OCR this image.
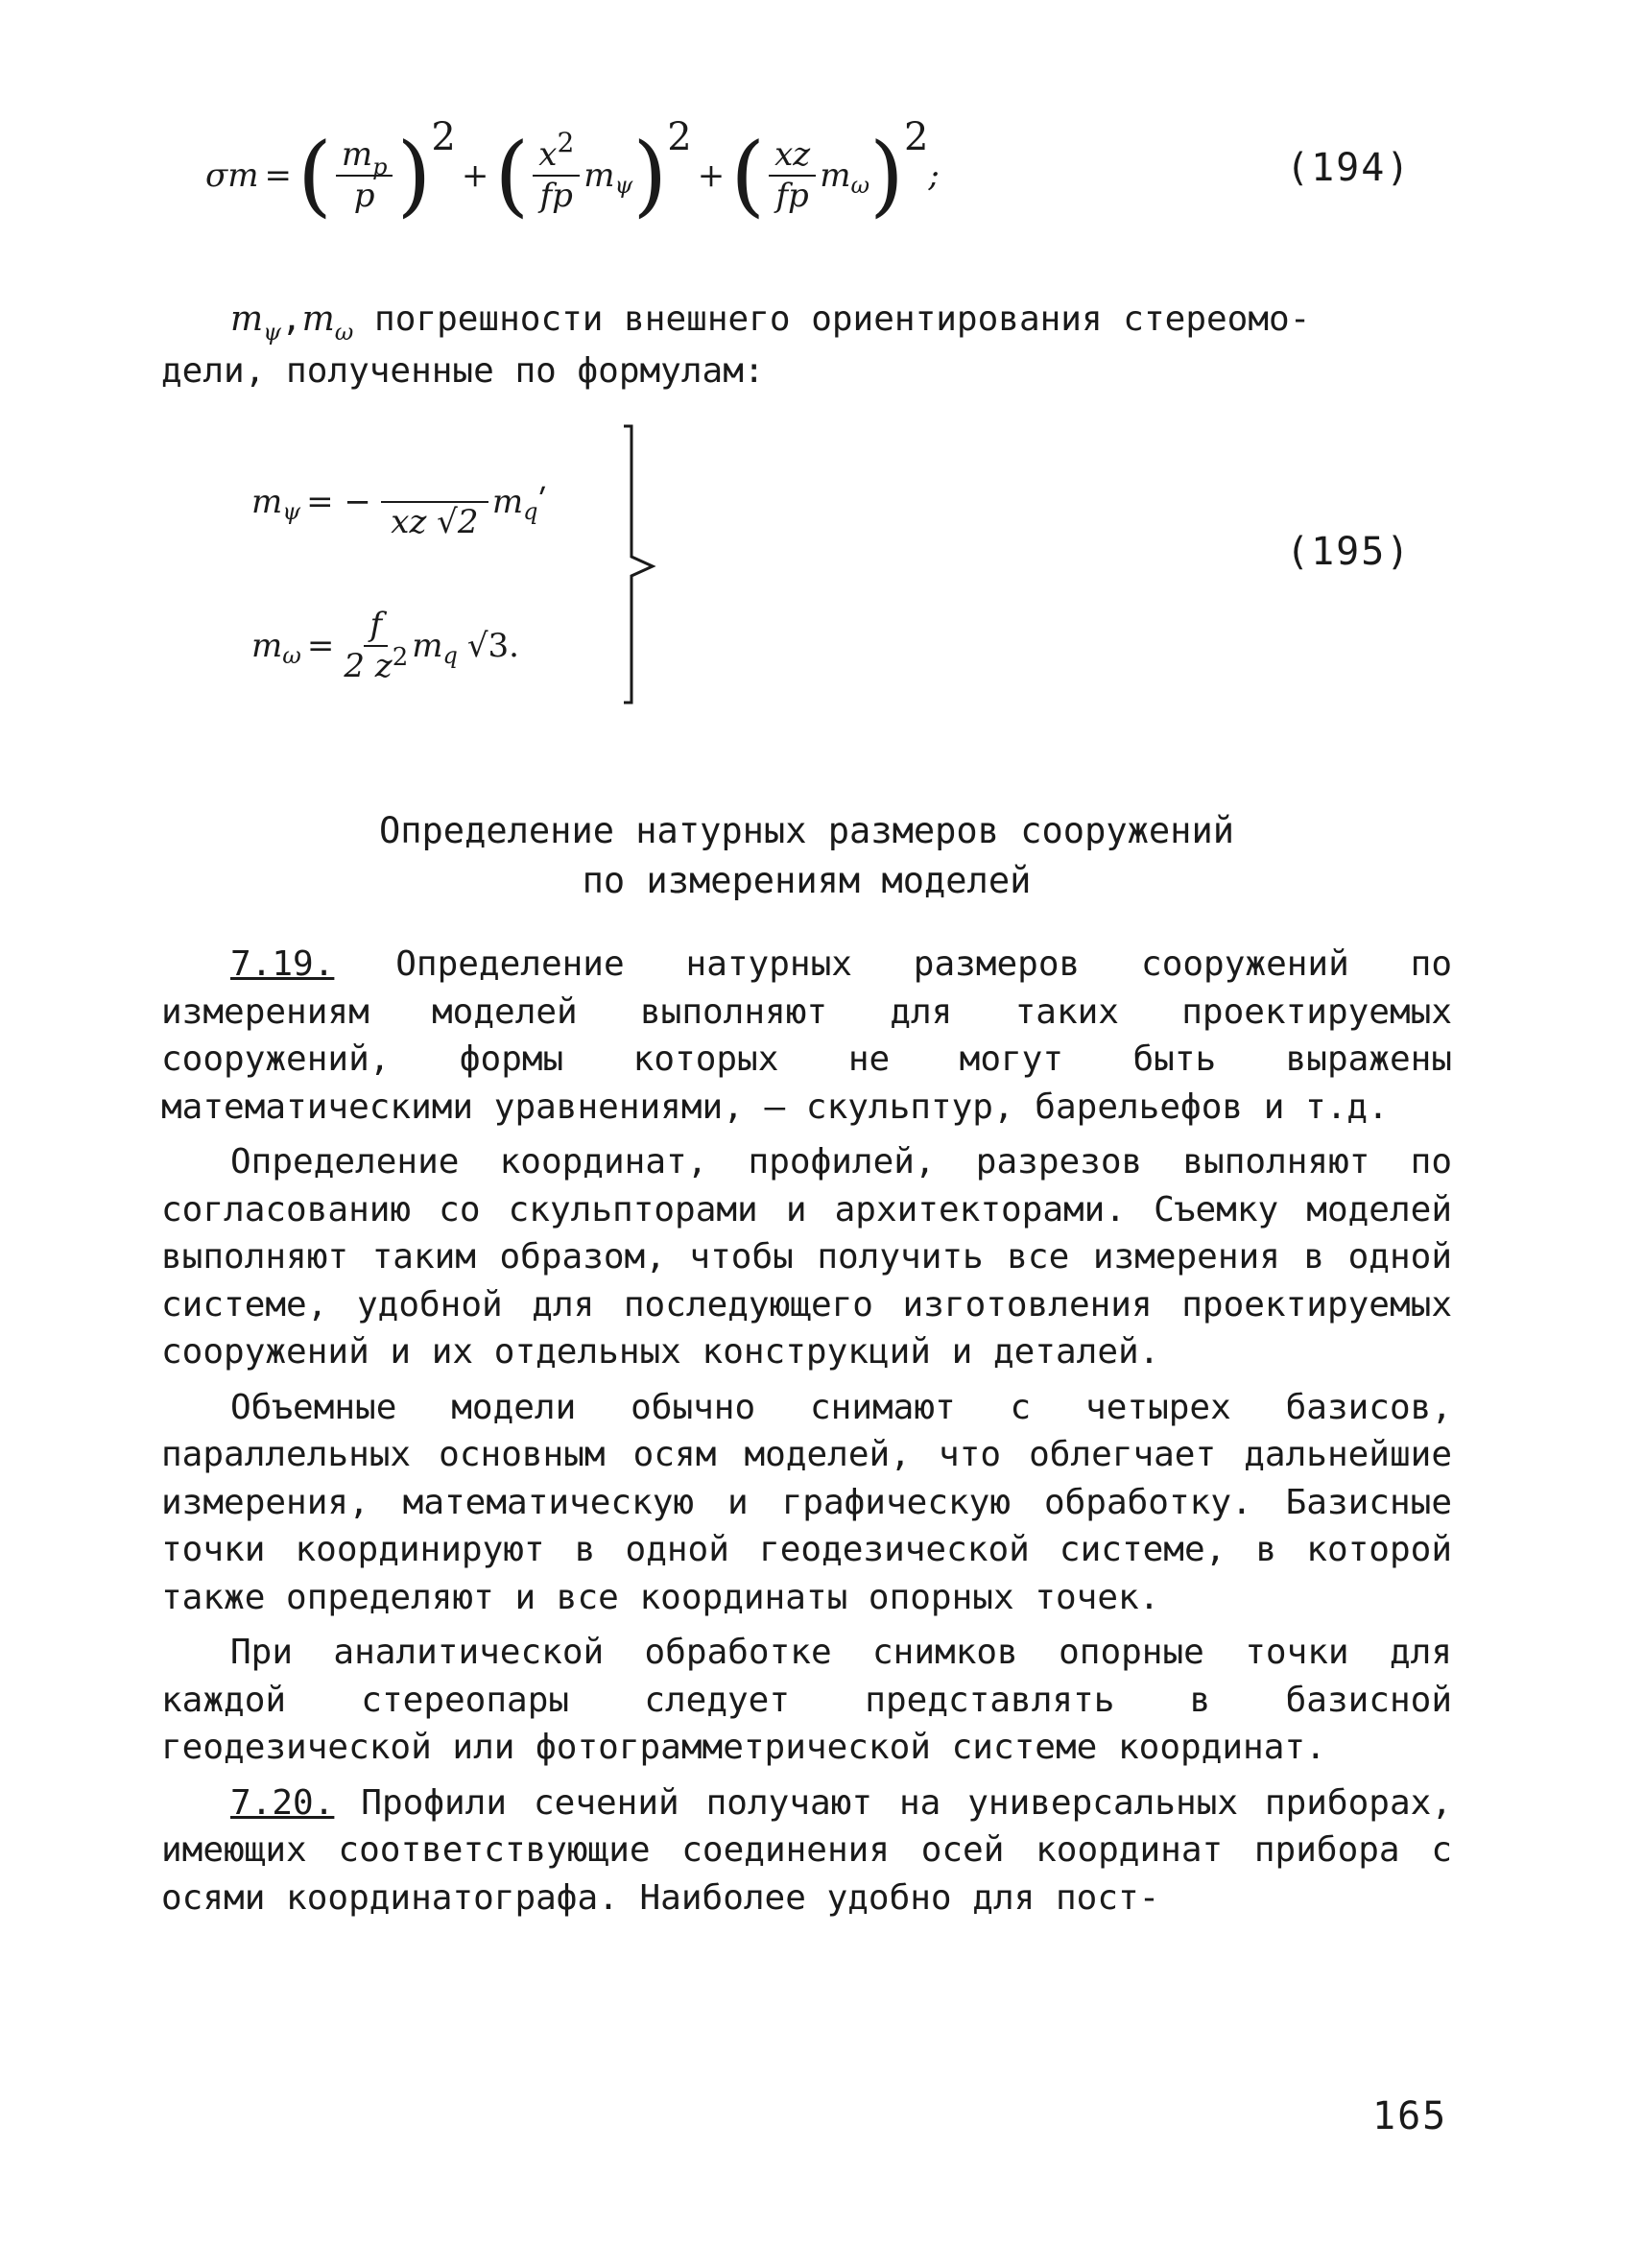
σm = ( $\frac{m_p}{p}$ ) 2
+ ( $\frac{x^2}{fp}$ m ψ ) 2
+ ( $\frac{xz}{fp}$ m ω ) 2
;	(194)

$m_\psi,m_\omega$ погрешности внешнего ориентирования стереомо-

дели, полученные по формулам:

m ψ = −

xz √2
m q ʹ
m $\omega = \frac{f}{2 z^2}$ m q √3.
(195)
Определение натурных размеров сооружений
по измерениям моделей

7.19. Определение натурных размеров сооружений по измерениям моделей выполняют для таких проектируемых сооружений, формы которых не могут быть выражены математическими уравнениями, – скульптур, барельефов и т.д.

Определение координат, профилей, разрезов выполняют по согласованию со скульпторами и архитекторами. Съемку моделей выполняют таким образом, чтобы получить все измерения в одной системе, удобной для последующего изготовления проектируемых сооружений и их отдельных конструкций и деталей.

Объемные модели обычно снимают с четырех базисов, параллельных основным осям моделей, что облегчает дальнейшие измерения, математическую и графическую обработку. Базисные точки координируют в одной геодезической системе, в которой также определяют и все координаты опорных точек.

При аналитической обработке снимков опорные точки для каждой стереопары следует представлять в базисной геодезической или фотограмметрической системе координат.

7.20. Профили сечений получают на универсальных приборах, имеющих соответствующие соединения осей координат прибора с осями координатографа. Наиболее удобно для пост-

165
